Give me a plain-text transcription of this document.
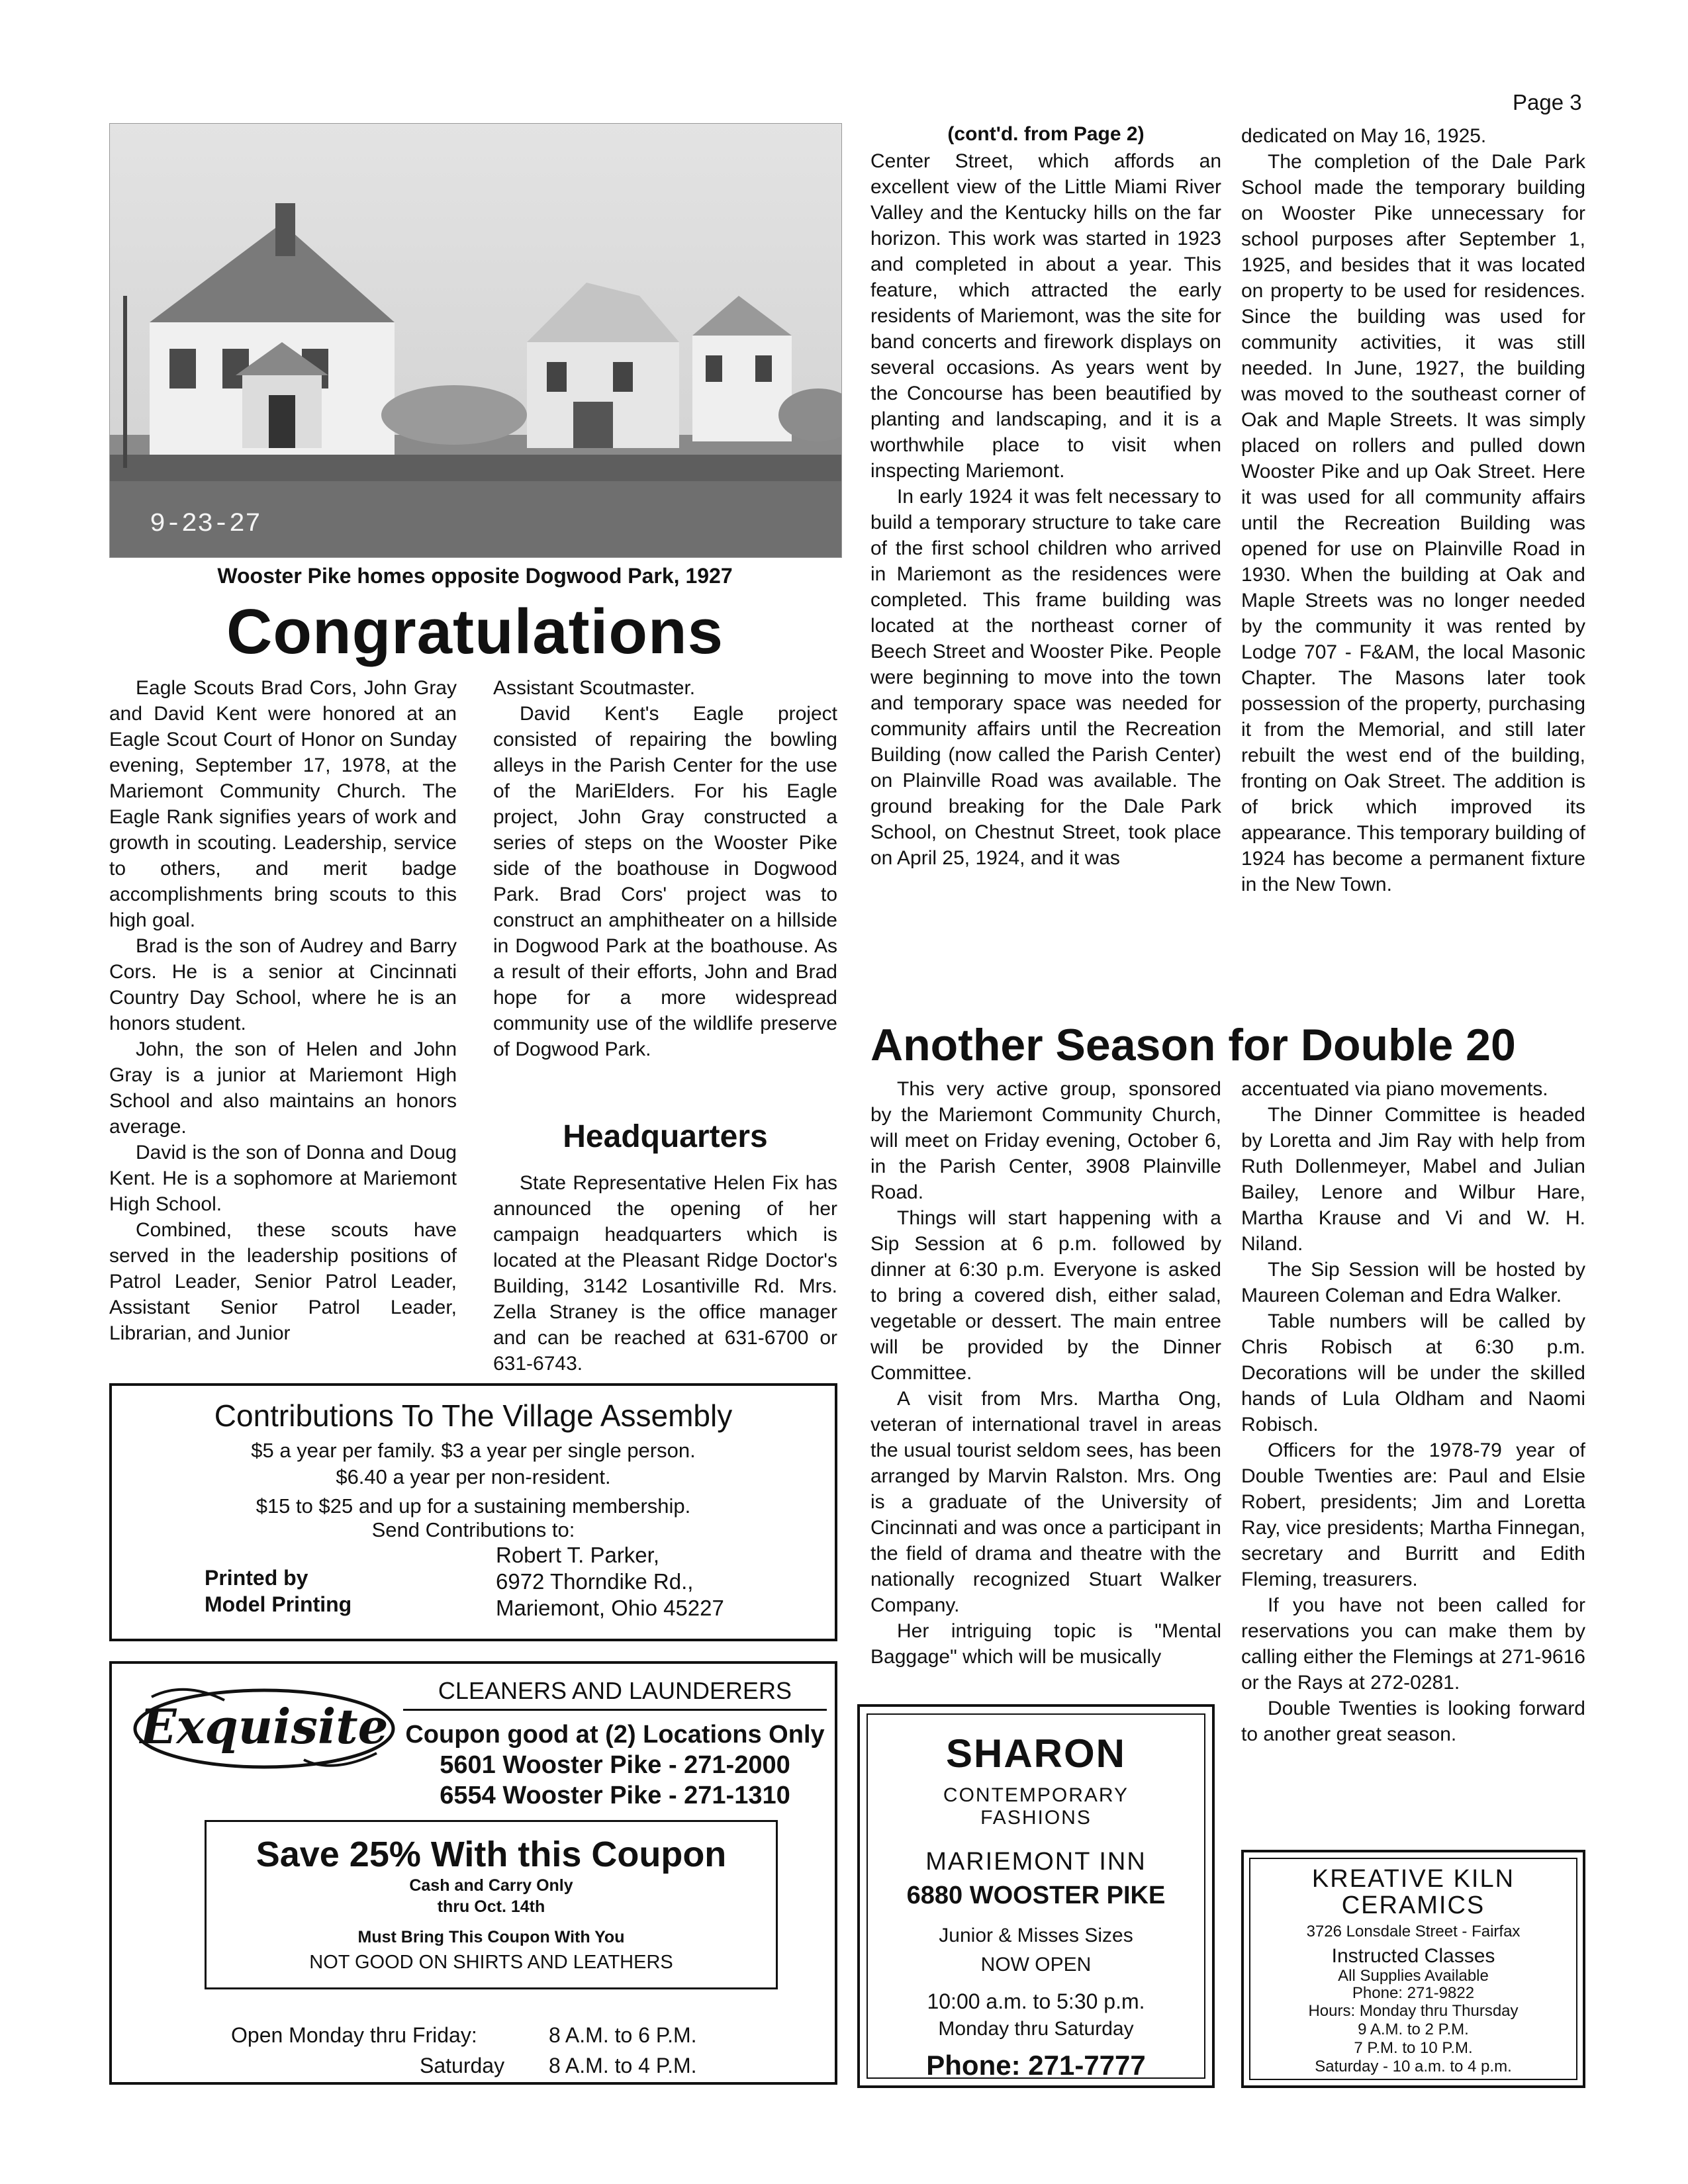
Page 3
9-23-27
Wooster Pike homes opposite Dogwood Park, 1927
Congratulations

Eagle Scouts Brad Cors, John Gray and David Kent were honored at an Eagle Scout Court of Honor on Sunday evening, September 17, 1978, at the Mariemont Community Church. The Eagle Rank signifies years of work and growth in scouting. Leadership, service to others, and merit badge accomplishments bring scouts to this high goal.

Brad is the son of Audrey and Barry Cors. He is a senior at Cincinnati Country Day School, where he is an honors student.

John, the son of Helen and John Gray is a junior at Mariemont High School and also maintains an honors average.

David is the son of Donna and Doug Kent. He is a sophomore at Mariemont High School.

Combined, these scouts have served in the leadership positions of Patrol Leader, Senior Patrol Leader, Assistant Senior Patrol Leader, Librarian, and Junior

Assistant Scoutmaster.

David Kent's Eagle project consisted of repairing the bowling alleys in the Parish Center for the use of the MariElders. For his Eagle project, John Gray constructed a series of steps on the Wooster Pike side of the boathouse in Dogwood Park. Brad Cors' project was to construct an amphitheater on a hillside in Dogwood Park at the boathouse. As a result of their efforts, John and Brad hope for a more widespread community use of the wildlife preserve of Dogwood Park.

Headquarters

State Representative Helen Fix has announced the opening of her campaign headquarters which is located at the Pleasant Ridge Doctor's Building, 3142 Losantiville Rd. Mrs. Zella Straney is the office manager and can be reached at 631-6700 or 631-6743.

(cont'd. from Page 2)

Center Street, which affords an excellent view of the Little Miami River Valley and the Kentucky hills on the far horizon. This work was started in 1923 and completed in about a year. This feature, which attracted the early residents of Mariemont, was the site for band concerts and firework displays on several occasions. As years went by the Concourse has been beautified by planting and landscaping, and it is a worthwhile place to visit when inspecting Mariemont.

In early 1924 it was felt necessary to build a temporary structure to take care of the first school children who arrived in Mariemont as the residences were completed. This frame building was located at the northeast corner of Beech Street and Wooster Pike. People were beginning to move into the town and temporary space was needed for community affairs until the Recreation Building (now called the Parish Center) on Plainville Road was available. The ground breaking for the Dale Park School, on Chestnut Street, took place on April 25, 1924, and it was

dedicated on May 16, 1925.

The completion of the Dale Park School made the temporary building on Wooster Pike unnecessary for school purposes after September 1, 1925, and besides that it was located on property to be used for residences. Since the building was used for community activities, it was still needed. In June, 1927, the building was moved to the southeast corner of Oak and Maple Streets. It was simply placed on rollers and pulled down Wooster Pike and up Oak Street. Here it was used for all community affairs until the Recreation Building was opened for use on Plainville Road in 1930. When the building at Oak and Maple Streets was no longer needed by the community it was rented by Lodge 707 - F&AM, the local Masonic Chapter. The Masons later took possession of the property, purchasing it from the Memorial, and still later rebuilt the west end of the building, fronting on Oak Street. The addition is of brick which improved its appearance. This temporary building of 1924 has become a permanent fixture in the New Town.

Another Season for Double 20

This very active group, sponsored by the Mariemont Community Church, will meet on Friday evening, October 6, in the Parish Center, 3908 Plainville Road.

Things will start happening with a Sip Session at 6 p.m. followed by dinner at 6:30 p.m. Everyone is asked to bring a covered dish, either salad, vegetable or dessert. The main entree will be provided by the Dinner Committee.

A visit from Mrs. Martha Ong, veteran of international travel in areas the usual tourist seldom sees, has been arranged by Marvin Ralston. Mrs. Ong is a graduate of the University of Cincinnati and was once a participant in the field of drama and theatre with the nationally recognized Stuart Walker Company.

Her intriguing topic is "Mental Baggage" which will be musically

accentuated via piano movements.

The Dinner Committee is headed by Loretta and Jim Ray with help from Ruth Dollenmeyer, Mabel and Julian Bailey, Lenore and Wilbur Hare, Martha Krause and Vi and W. H. Niland.

The Sip Session will be hosted by Maureen Coleman and Edra Walker.

Table numbers will be called by Chris Robisch at 6:30 p.m. Decorations will be under the skilled hands of Lula Oldham and Naomi Robisch.

Officers for the 1978-79 year of Double Twenties are: Paul and Elsie Robert, presidents; Jim and Loretta Ray, vice presidents; Martha Finnegan, secretary and Burritt and Edith Fleming, treasurers.

If you have not been called for reservations you can make them by calling either the Flemings at 271-9616 or the Rays at 272-0281.

Double Twenties is looking forward to another great season.

Contributions To The Village Assembly
$5 a year per family. $3 a year per single person.
$6.40 a year per non-resident.
$15 to $25 and up for a sustaining membership.
Send Contributions to:
Printed by
Model Printing
Robert T. Parker,
6972 Thorndike Rd.,
Mariemont, Ohio 45227
Exquisite
CLEANERS AND LAUNDERERS
Coupon good at (2) Locations Only
5601 Wooster Pike - 271-2000
6554 Wooster Pike - 271-1310
Save 25% With this Coupon
Cash and Carry Only
thru Oct. 14th
Must Bring This Coupon With You
NOT GOOD ON SHIRTS AND LEATHERS
Open Monday thru Friday:	8 A.M. to 6 P.M.
Saturday 8 A.M. to 4 P.M.
SHARON
CONTEMPORARY
FASHIONS
MARIEMONT INN
6880 WOOSTER PIKE
Junior & Misses Sizes
NOW OPEN
10:00 a.m. to 5:30 p.m.
Monday thru Saturday
Phone: 271-7777
KREATIVE KILN
CERAMICS
3726 Lonsdale Street - Fairfax
Instructed Classes
All Supplies Available
Phone: 271-9822
Hours: Monday thru Thursday
9 A.M. to 2 P.M.
7 P.M. to 10 P.M.
Saturday - 10 a.m. to 4 p.m.
